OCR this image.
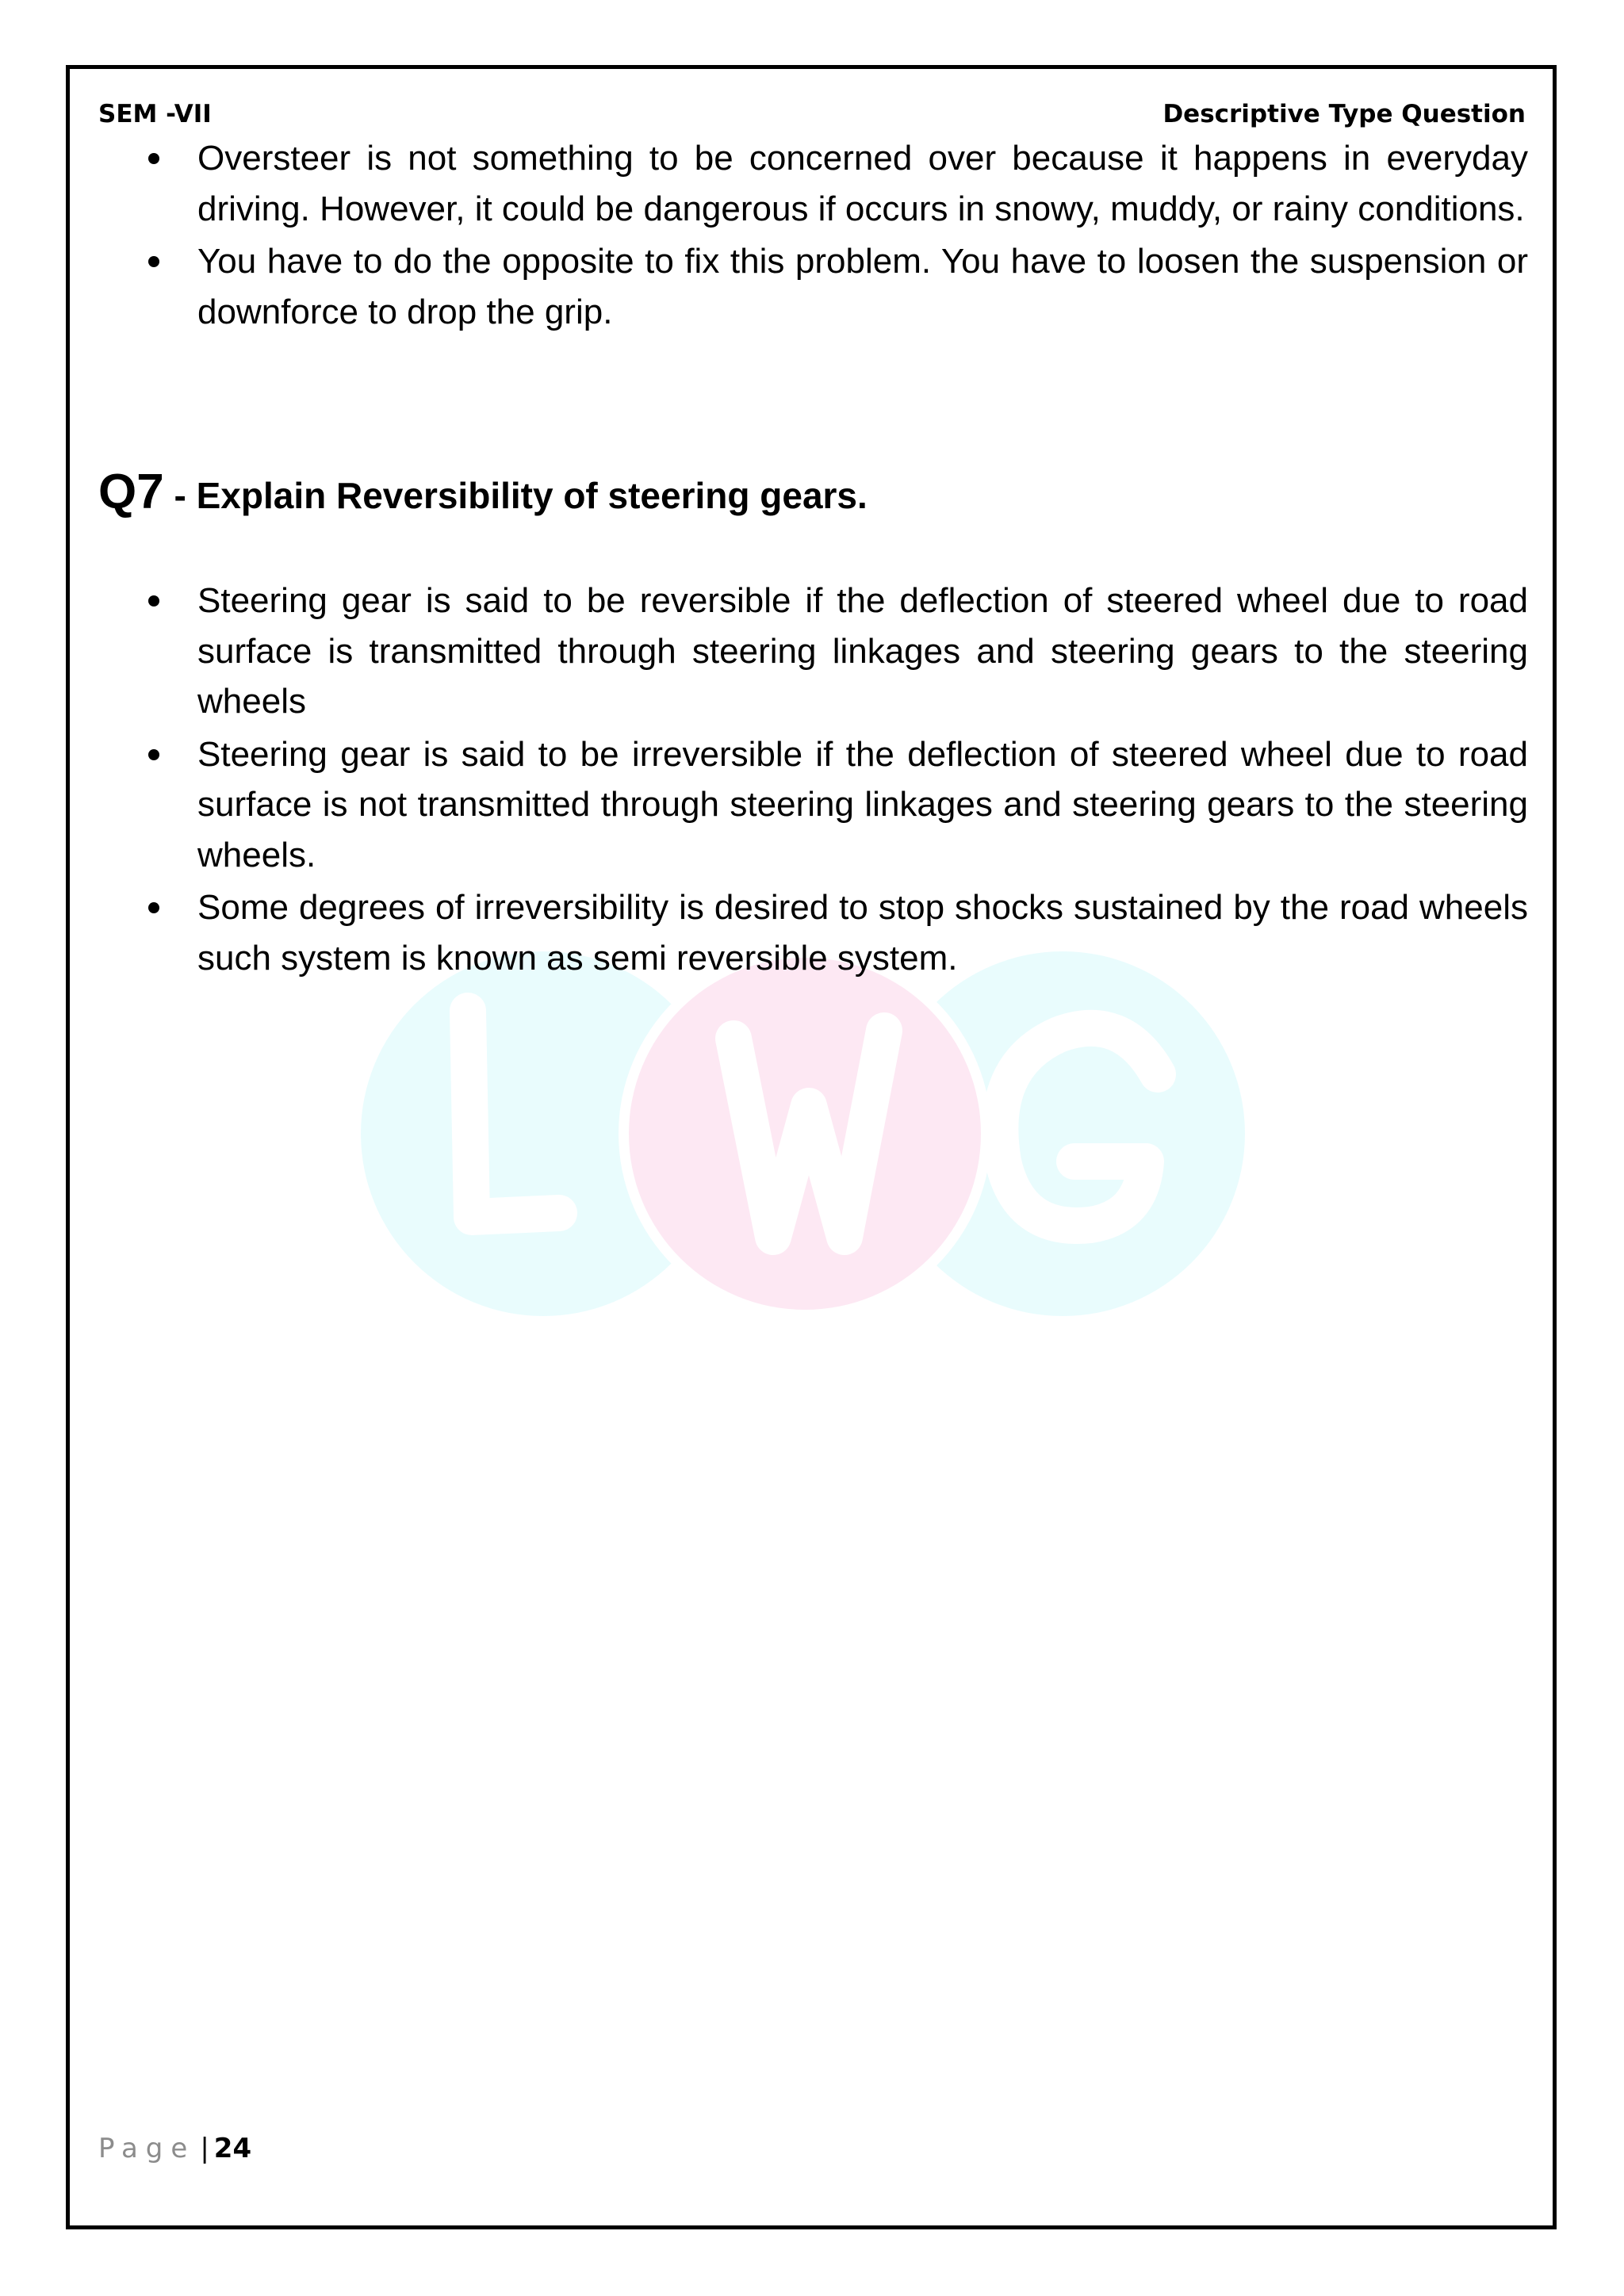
SEM -VII	Descriptive Type Question
Oversteer is not something to be concerned over because it happens in everyday driving. However, it could be dangerous if occurs in snowy, muddy, or rainy conditions.
You have to do the opposite to fix this problem. You have to loosen the suspension or downforce to drop the grip.
Q7 - Explain Reversibility of steering gears.
Steering gear is said to be reversible if the deflection of steered wheel due to road surface is transmitted through steering linkages and steering gears to the steering wheels
Steering gear is said to be irreversible if the deflection of steered wheel due to road surface is not transmitted through steering linkages and steering gears to the steering wheels.
Some degrees of irreversibility is desired to stop shocks sustained by the road wheels such system is known as semi reversible system.
Page | 24
